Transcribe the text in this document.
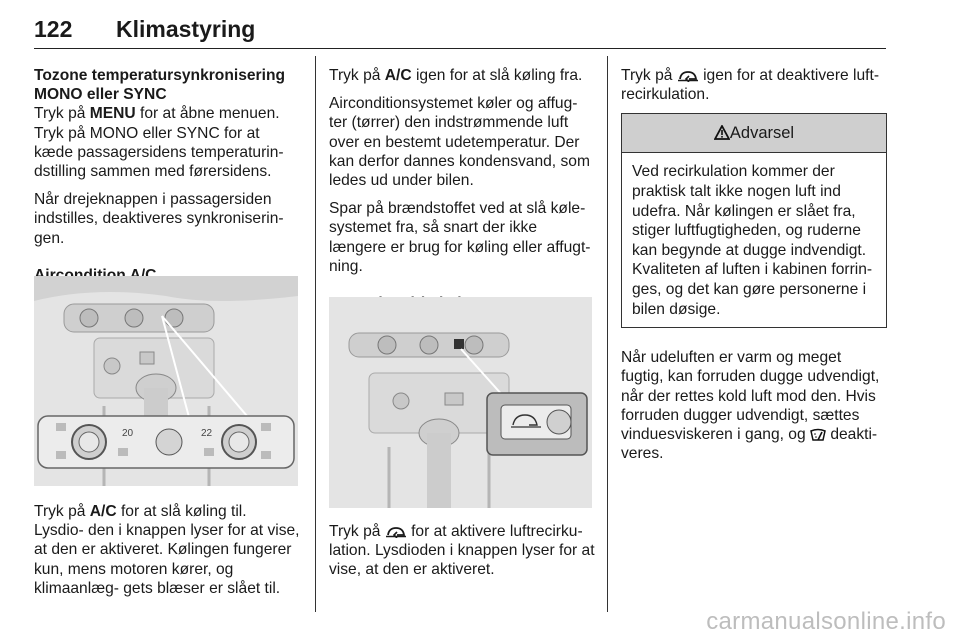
122 Klimastyring
Tozone temperatursynkronisering
MONO eller SYNC

Tryk på MENU for at åbne menuen. Tryk på MONO eller SYNC for at kæde passagersidens temperaturin- dstilling sammen med førersidens.

Når drejeknappen i passagersiden indstilles, deaktiveres synkroniserin- gen.

20	22

Tryk på A/C for at slå køling til. Lysdio- den i knappen lyser for at vise, at den er aktiveret. Kølingen fungerer kun, mens motoren kører, og klimaanlæg- gets blæser er slået til.

Tryk på A/C igen for at slå køling fra.

Airconditionsystemet køler og affug- ter (tørrer) den indstrømmende luft over en bestemt udetemperatur. Der kan derfor dannes kondensvand, som ledes ud under bilen.

Spar på brændstoffet ved at slå køle- systemet fra, så snart der ikke længere er brug for køling eller affugt- ning.

Tryk på  for at aktivere luftrecirku- lation. Lysdioden i knappen lyser for at vise, at den er aktiveret.

Tryk på  igen for at deaktivere luft- recirkulation.

Advarsel
Ved recirkulation kommer der praktisk talt ikke nogen luft ind udefra. Når kølingen er slået fra, stiger luftfugtigheden, og ruderne kan begynde at dugge indvendigt. Kvaliteten af luften i kabinen forrin- ges, og det kan gøre personerne i bilen døsige.

Når udeluften er varm og meget fugtig, kan forruden dugge udvendigt, når der rettes kold luft mod den. Hvis forruden dugger udvendigt, sættes vinduesviskeren i gang, og  deakti- veres.

carmanualsonline.info
